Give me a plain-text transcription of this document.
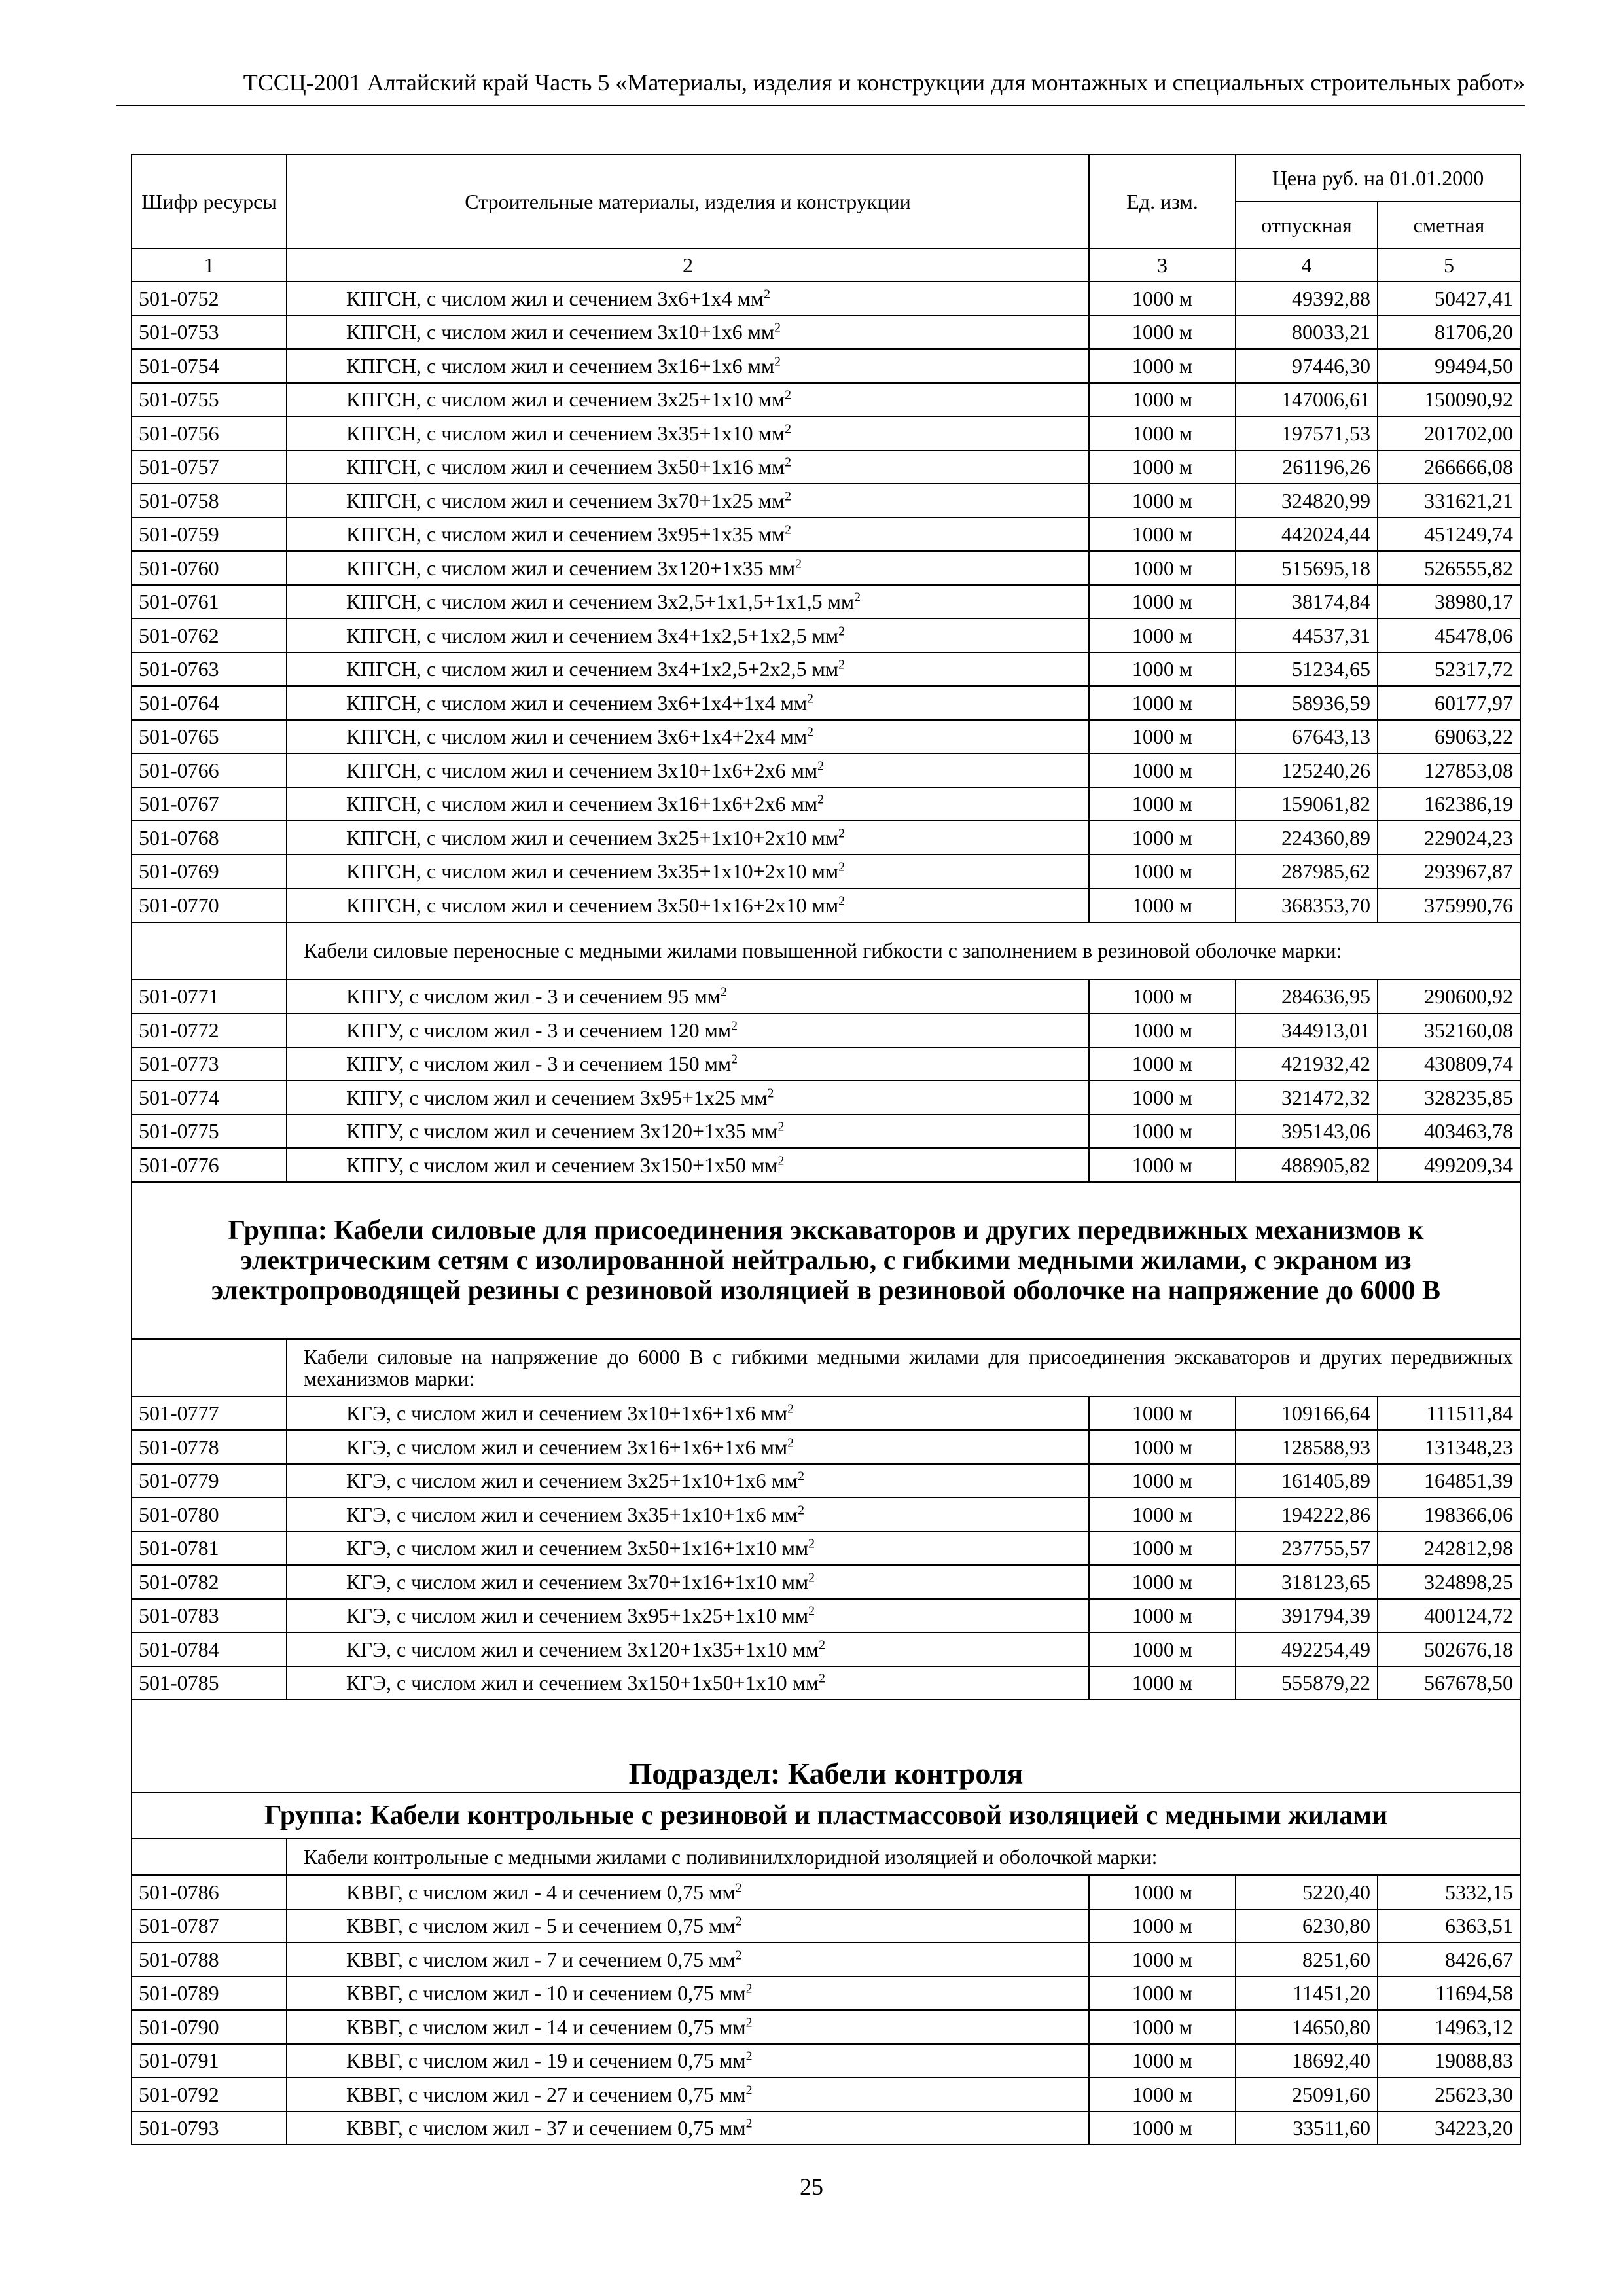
ТССЦ-2001 Алтайский край Часть 5 «Материалы, изделия и конструкции для монтажных и специальных строительных работ»
Шифр ресурсы	Строительные материалы, изделия и конструкции	Ед. изм.	Цена руб. на 01.01.2000	
			отпускная	сметная
1	2	3	4	5
501-0752	КПГСН, с числом жил и сечением 3х6+1х4 $мм^2$	1000 м	49392,88	50427,41
501-0753	КПГСН, с числом жил и сечением 3х10+1х6 $мм^2$	1000 м	80033,21	81706,20
501-0754	КПГСН, с числом жил и сечением 3х16+1х6 $мм^2$	1000 м	97446,30	99494,50
501-0755	КПГСН, с числом жил и сечением 3х25+1х10 $мм^2$	1000 м	147006,61	150090,92
501-0756	КПГСН, с числом жил и сечением 3х35+1х10 $мм^2$	1000 м	197571,53	201702,00
501-0757	КПГСН, с числом жил и сечением 3х50+1х16 $мм^2$	1000 м	261196,26	266666,08
501-0758	КПГСН, с числом жил и сечением 3х70+1х25 $мм^2$	1000 м	324820,99	331621,21
501-0759	КПГСН, с числом жил и сечением 3х95+1х35 $мм^2$	1000 м	442024,44	451249,74
501-0760	КПГСН, с числом жил и сечением 3х120+1х35 $мм^2$	1000 м	515695,18	526555,82
501-0761	КПГСН, с числом жил и сечением 3х2,5+1х1,5+1х1,5 $мм^2$	1000 м	38174,84	38980,17
501-0762	КПГСН, с числом жил и сечением 3х4+1х2,5+1х2,5 $мм^2$	1000 м	44537,31	45478,06
501-0763	КПГСН, с числом жил и сечением 3х4+1х2,5+2х2,5 $мм^2$	1000 м	51234,65	52317,72
501-0764	КПГСН, с числом жил и сечением 3х6+1х4+1х4 $мм^2$	1000 м	58936,59	60177,97
501-0765	КПГСН, с числом жил и сечением 3х6+1х4+2х4 $мм^2$	1000 м	67643,13	69063,22
501-0766	КПГСН, с числом жил и сечением 3х10+1х6+2х6 $мм^2$	1000 м	125240,26	127853,08
501-0767	КПГСН, с числом жил и сечением 3х16+1х6+2х6 $мм^2$	1000 м	159061,82	162386,19
501-0768	КПГСН, с числом жил и сечением 3х25+1х10+2х10 $мм^2$	1000 м	224360,89	229024,23
501-0769	КПГСН, с числом жил и сечением 3х35+1х10+2х10 $мм^2$	1000 м	287985,62	293967,87
501-0770	КПГСН, с числом жил и сечением 3х50+1х16+2х10 $мм^2$	1000 м	368353,70	375990,76
	Кабели силовые переносные с медными жилами повышенной гибкости с заполнением в резиновой оболочке марки:			
501-0771	КПГУ, с числом жил - 3 и сечением 95 $мм^2$	1000 м	284636,95	290600,92
501-0772	КПГУ, с числом жил - 3 и сечением 120 $мм^2$	1000 м	344913,01	352160,08
501-0773	КПГУ, с числом жил - 3 и сечением 150 $мм^2$	1000 м	421932,42	430809,74
501-0774	КПГУ, с числом жил и сечением 3х95+1х25 $мм^2$	1000 м	321472,32	328235,85
501-0775	КПГУ, с числом жил и сечением 3х120+1х35 $мм^2$	1000 м	395143,06	403463,78
501-0776	КПГУ, с числом жил и сечением 3х150+1х50 $мм^2$	1000 м	488905,82	499209,34
Группа: Кабели силовые для присоединения экскаваторов и других передвижных механизмов к электрическим сетям с изолированной нейтралью, с гибкими медными жилами, с экраном из электропроводящей резины с резиновой изоляцией в резиновой оболочке на напряжение до 6000 В				
	Кабели силовые на напряжение до 6000 В с гибкими медными жилами для присоединения экскаваторов и других передвижных механизмов марки:			
501-0777	КГЭ, с числом жил и сечением 3х10+1х6+1х6 $мм^2$	1000 м	109166,64	111511,84
501-0778	КГЭ, с числом жил и сечением 3х16+1х6+1х6 $мм^2$	1000 м	128588,93	131348,23
501-0779	КГЭ, с числом жил и сечением 3х25+1х10+1х6 $мм^2$	1000 м	161405,89	164851,39
501-0780	КГЭ, с числом жил и сечением 3х35+1х10+1х6 $мм^2$	1000 м	194222,86	198366,06
501-0781	КГЭ, с числом жил и сечением 3х50+1х16+1х10 $мм^2$	1000 м	237755,57	242812,98
501-0782	КГЭ, с числом жил и сечением 3х70+1х16+1х10 $мм^2$	1000 м	318123,65	324898,25
501-0783	КГЭ, с числом жил и сечением 3х95+1х25+1х10 $мм^2$	1000 м	391794,39	400124,72
501-0784	КГЭ, с числом жил и сечением 3х120+1х35+1х10 $мм^2$	1000 м	492254,49	502676,18
501-0785	КГЭ, с числом жил и сечением 3х150+1х50+1х10 $мм^2$	1000 м	555879,22	567678,50
Подраздел: Кабели контроля				
Группа: Кабели контрольные с резиновой и пластмассовой изоляцией с медными жилами				
	Кабели контрольные с медными жилами с поливинилхлоридной изоляцией и оболочкой марки:			
501-0786	КВВГ, с числом жил - 4 и сечением 0,75 $мм^2$	1000 м	5220,40	5332,15
501-0787	КВВГ, с числом жил - 5 и сечением 0,75 $мм^2$	1000 м	6230,80	6363,51
501-0788	КВВГ, с числом жил - 7 и сечением 0,75 $мм^2$	1000 м	8251,60	8426,67
501-0789	КВВГ, с числом жил - 10 и сечением 0,75 $мм^2$	1000 м	11451,20	11694,58
501-0790	КВВГ, с числом жил - 14 и сечением 0,75 $мм^2$	1000 м	14650,80	14963,12
501-0791	КВВГ, с числом жил - 19 и сечением 0,75 $мм^2$	1000 м	18692,40	19088,83
501-0792	КВВГ, с числом жил - 27 и сечением 0,75 $мм^2$	1000 м	25091,60	25623,30
501-0793	КВВГ, с числом жил - 37 и сечением 0,75 $мм^2$	1000 м	33511,60	34223,20
25
